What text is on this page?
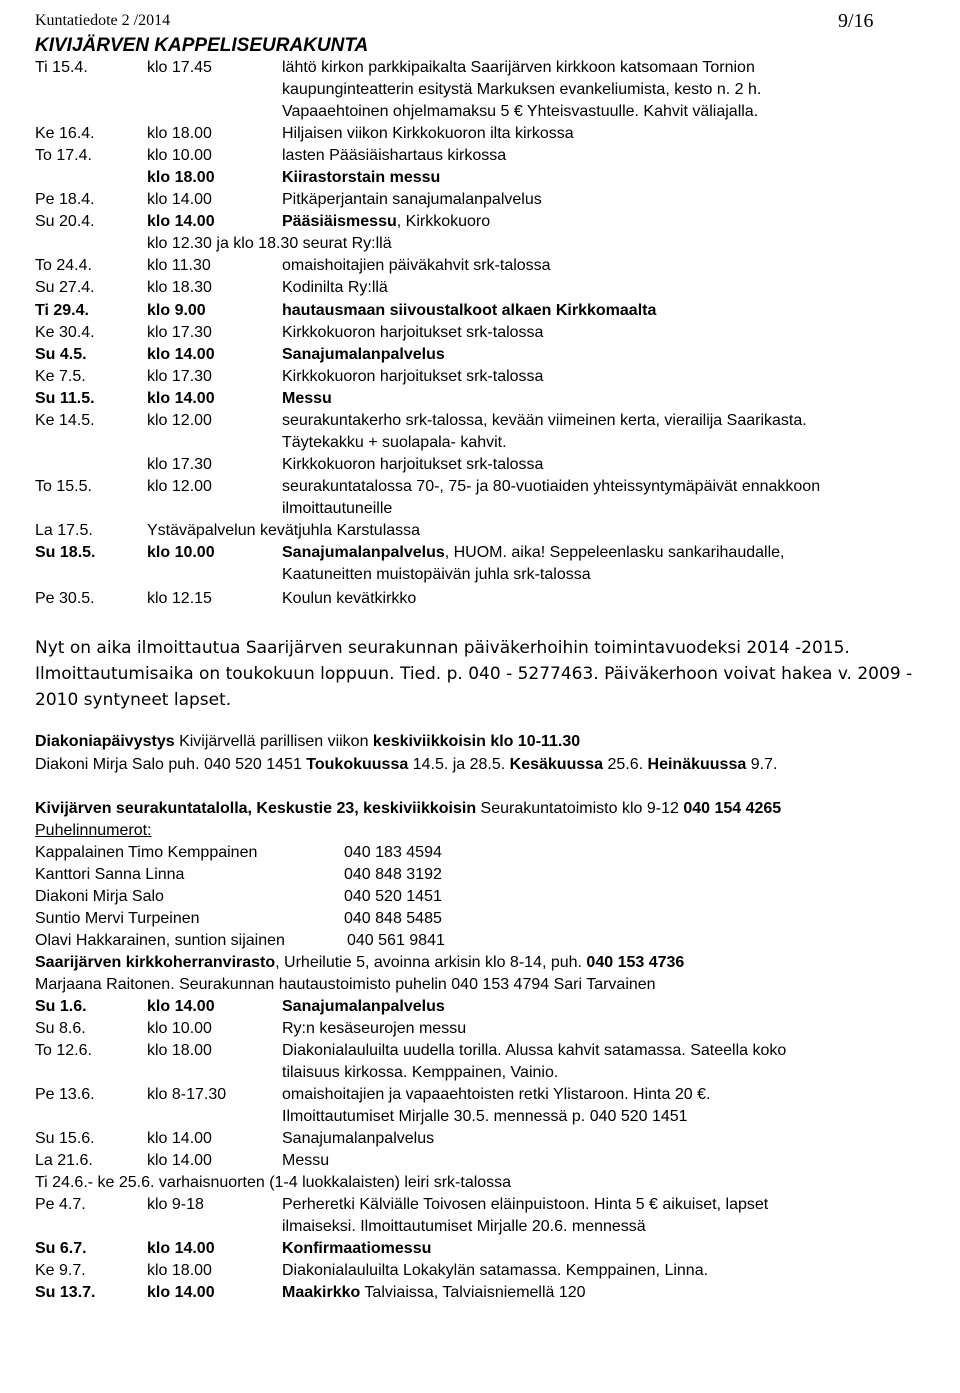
Kuntatiedote 2 /2014	9/16
KIVIJÄRVEN KAPPELISEURAKUNTA
Ti 15.4.	klo 17.45	lähtö kirkon parkkipaikalta Saarijärven kirkkoon katsomaan Tornion
kaupunginteatterin esitystä Markuksen evankeliumista, kesto n. 2 h.
Vapaaehtoinen ohjelmamaksu 5 € Yhteisvastuulle. Kahvit väliajalla.
Ke 16.4.	klo 18.00	Hiljaisen viikon Kirkkokuoron ilta kirkossa
To 17.4.	klo 10.00	lasten Pääsiäishartaus kirkossa
klo 18.00	Kiirastorstain messu
Pe 18.4.	klo 14.00	Pitkäperjantain sanajumalanpalvelus
Su 20.4.	klo 14.00	Pääsiäismessu, Kirkkokuoro
klo 12.30 ja klo 18.30 seurat Ry:llä
To 24.4.	klo 11.30	omaishoitajien päiväkahvit srk-talossa
Su 27.4.	klo 18.30	Kodinilta Ry:llä
Ti 29.4.	klo 9.00	hautausmaan siivoustalkoot alkaen Kirkkomaalta
Ke 30.4.	klo 17.30	Kirkkokuoron harjoitukset srk-talossa
Su 4.5.	klo 14.00	Sanajumalanpalvelus
Ke 7.5.	klo 17.30	Kirkkokuoron harjoitukset srk-talossa
Su 11.5.	klo 14.00	Messu
Ke 14.5.	klo 12.00	seurakuntakerho srk-talossa, kevään viimeinen kerta, vierailija Saarikasta.
Täytekakku + suolapala- kahvit.
klo 17.30	Kirkkokuoron harjoitukset srk-talossa
To 15.5.	klo 12.00	seurakuntatalossa 70-, 75- ja 80-vuotiaiden yhteissyntymäpäivät ennakkoon
ilmoittautuneille
La 17.5.	Ystäväpalvelun kevätjuhla Karstulassa
Su 18.5.	klo 10.00	Sanajumalanpalvelus, HUOM. aika! Seppeleenlasku sankarihaudalle,
Kaatuneitten muistopäivän juhla srk-talossa
Pe 30.5.	klo 12.15	Koulun kevätkirkko
Nyt on aika ilmoittautua Saarijärven seurakunnan päiväkerhoihin toimintavuodeksi 2014 -2015. Ilmoittautumisaika on toukokuun loppuun. Tied. p. 040 - 5277463. Päiväkerhoon voivat hakea v. 2009 - 2010 syntyneet lapset.
Diakoniapäivystys Kivijärvellä parillisen viikon keskiviikkoisin klo 10-11.30
Diakoni Mirja Salo puh. 040 520 1451 Toukokuussa 14.5. ja 28.5. Kesäkuussa 25.6. Heinäkuussa 9.7.
Kivijärven seurakuntatalolla, Keskustie 23, keskiviikkoisin Seurakuntatoimisto klo 9-12 040 154 4265
Puhelinnumerot:
Kappalainen Timo Kemppainen	040 183 4594
Kanttori Sanna Linna	040 848 3192
Diakoni Mirja Salo	040 520 1451
Suntio Mervi Turpeinen	040 848 5485
Olavi Hakkarainen, suntion sijainen	040 561 9841
Saarijärven kirkkoherranvirasto, Urheilutie 5, avoinna arkisin klo 8-14, puh. 040 153 4736
Marjaana Raitonen. Seurakunnan hautaustoimisto puhelin 040 153 4794 Sari Tarvainen
Su 1.6.	klo 14.00	Sanajumalanpalvelus
Su 8.6.	klo 10.00	Ry:n kesäseurojen messu
To 12.6.	klo 18.00	Diakonialauluilta uudella torilla. Alussa kahvit satamassa. Sateella koko
tilaisuus kirkossa. Kemppainen, Vainio.
Pe 13.6.	klo 8-17.30	omaishoitajien ja vapaaehtoisten retki Ylistaroon. Hinta 20 €.
Ilmoittautumiset Mirjalle 30.5. mennessä p. 040 520 1451
Su 15.6.	klo 14.00	Sanajumalanpalvelus
La 21.6.	klo 14.00	Messu
Ti 24.6.- ke 25.6. varhaisnuorten (1-4 luokkalaisten) leiri srk-talossa
Pe 4.7.	klo 9-18	Perheretki Kälviälle Toivosen eläinpuistoon. Hinta 5 € aikuiset, lapset
ilmaiseksi. Ilmoittautumiset Mirjalle 20.6. mennessä
Su 6.7.	klo 14.00	Konfirmaatiomessu
Ke 9.7.	klo 18.00	Diakonialauluilta Lokakylän satamassa. Kemppainen, Linna.
Su 13.7.	klo 14.00	Maakirkko Talviaissa, Talviaisniemellä 120
